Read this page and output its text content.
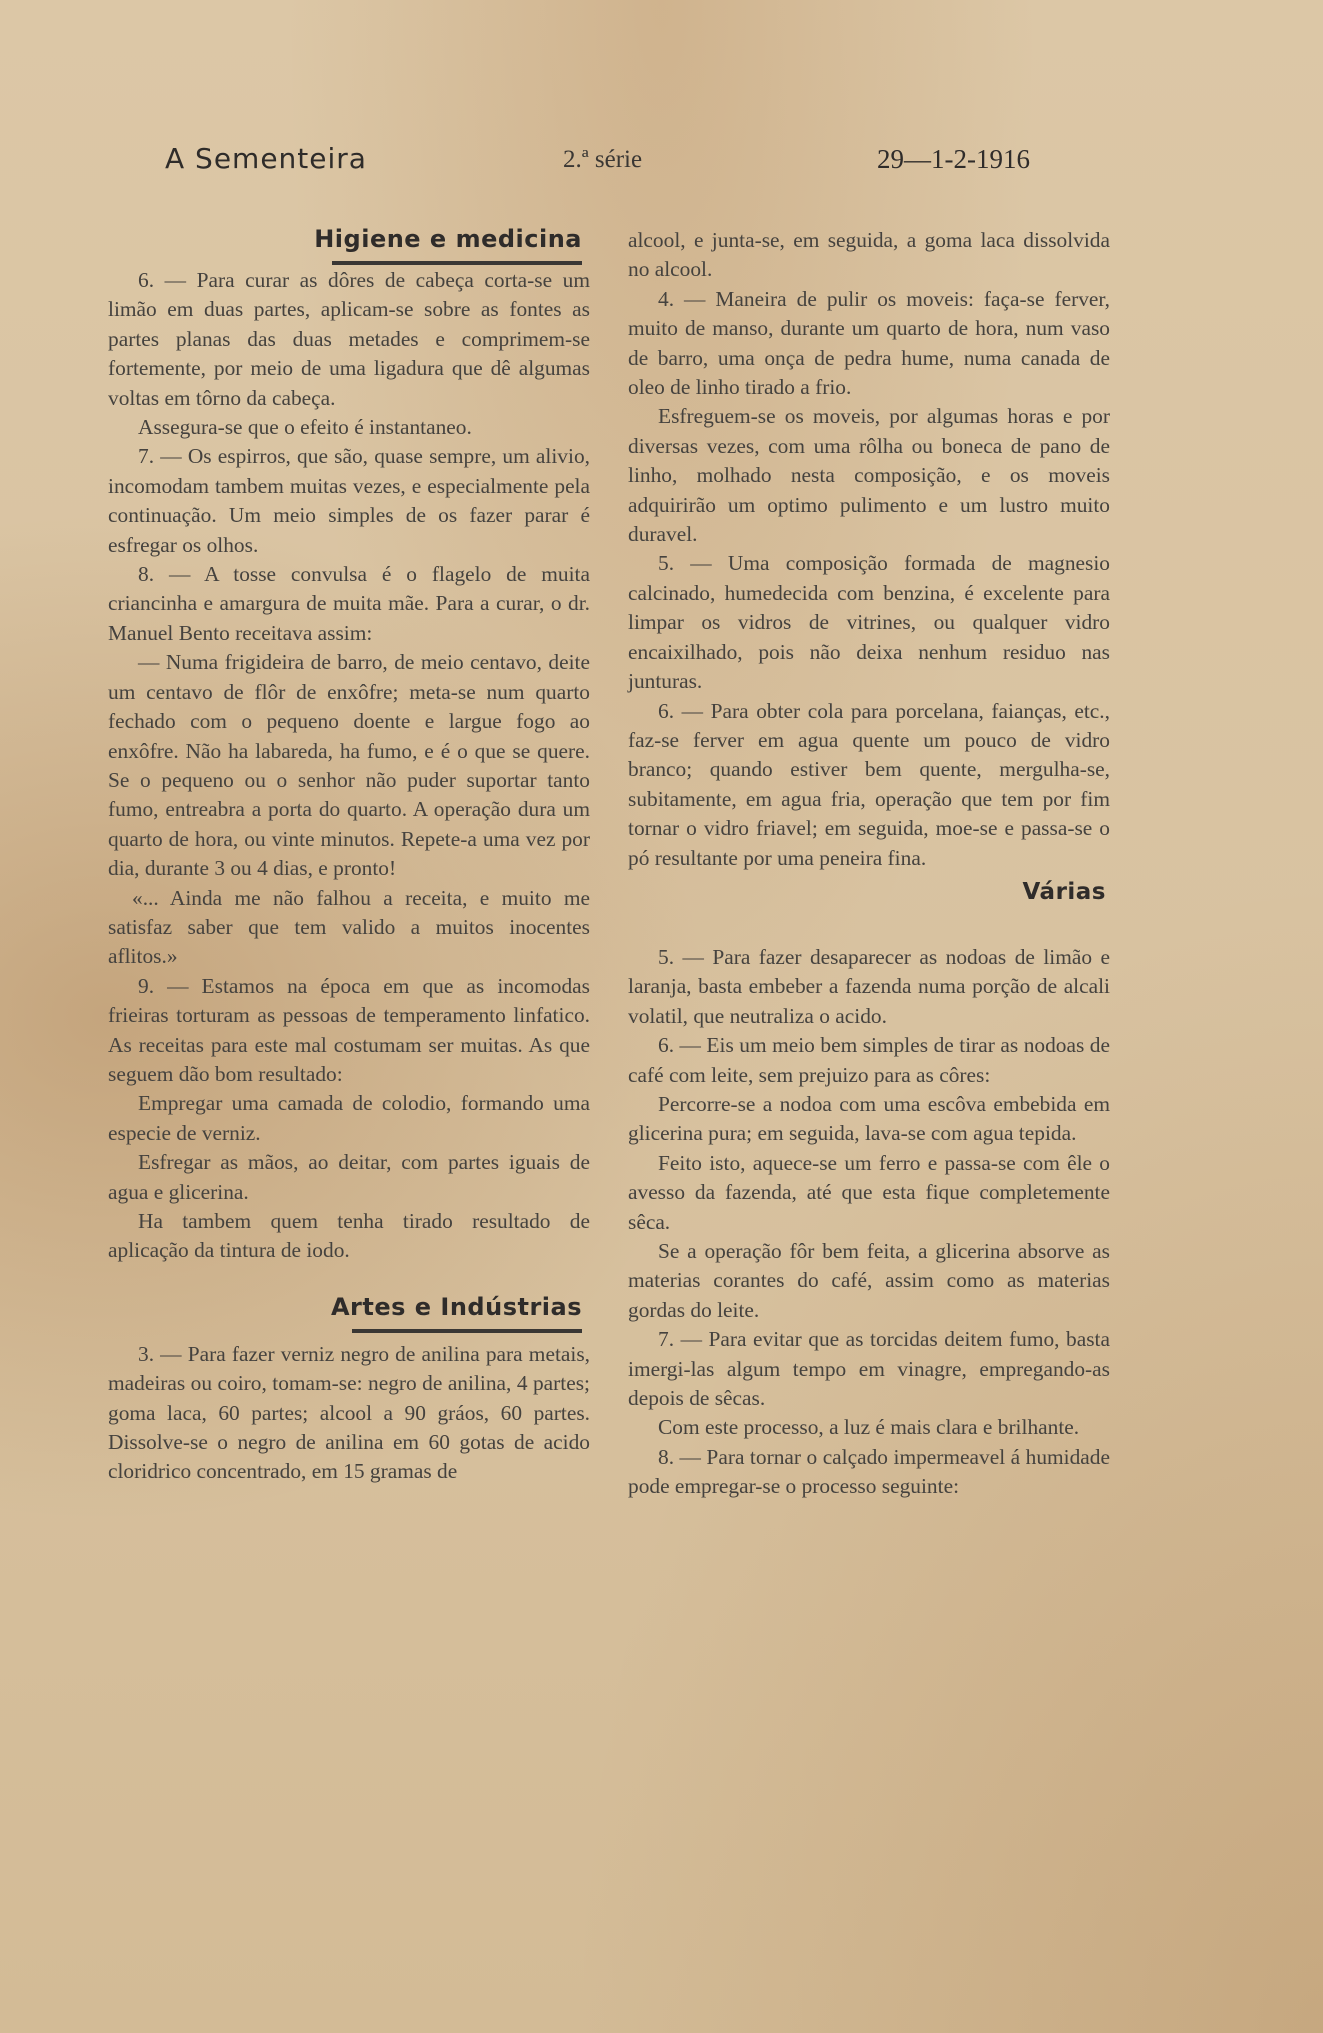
A Sementeira	2.ª série	29—1-2-1916
Higiene e medicina

6. — Para curar as dôres de cabeça corta-se um limão em duas partes, aplicam-se sobre as fontes as partes planas das duas metades e comprimem-se fortemente, por meio de uma ligadura que dê algumas voltas em tôrno da cabeça.

Assegura-se que o efeito é instantaneo.

7. — Os espirros, que são, quase sempre, um alivio, incomodam tambem muitas vezes, e especialmente pela continuação. Um meio simples de os fazer parar é esfregar os olhos.

8. — A tosse convulsa é o flagelo de muita criancinha e amargura de muita mãe. Para a curar, o dr. Manuel Bento receitava assim:

— Numa frigideira de barro, de meio centavo, deite um centavo de flôr de enxôfre; meta-se num quarto fechado com o pequeno doente e largue fogo ao enxôfre. Não ha labareda, ha fumo, e é o que se quere. Se o pequeno ou o senhor não puder suportar tanto fumo, entreabra a porta do quarto. A operação dura um quarto de hora, ou vinte minutos. Repete-a uma vez por dia, durante 3 ou 4 dias, e pronto!

«... Ainda me não falhou a receita, e muito me satisfaz saber que tem valido a muitos inocentes aflitos.»

9. — Estamos na época em que as incomodas frieiras torturam as pessoas de temperamento linfatico. As receitas para este mal costumam ser muitas. As que seguem dão bom resultado:

Empregar uma camada de colodio, formando uma especie de verniz.

Esfregar as mãos, ao deitar, com partes iguais de agua e glicerina.

Ha tambem quem tenha tirado resultado de aplicação da tintura de iodo.

Artes e Indústrias

3. — Para fazer verniz negro de anilina para metais, madeiras ou coiro, tomam-se: negro de anilina, 4 partes; goma laca, 60 partes; alcool a 90 gráos, 60 partes. Dissolve-se o negro de anilina em 60 gotas de acido cloridrico concentrado, em 15 gramas de

alcool, e junta-se, em seguida, a goma laca dissolvida no alcool.

4. — Maneira de pulir os moveis: faça-se ferver, muito de manso, durante um quarto de hora, num vaso de barro, uma onça de pedra hume, numa canada de oleo de linho tirado a frio.

Esfreguem-se os moveis, por algumas horas e por diversas vezes, com uma rôlha ou boneca de pano de linho, molhado nesta composição, e os moveis adquirirão um optimo pulimento e um lustro muito duravel.

5. — Uma composição formada de magnesio calcinado, humedecida com benzina, é excelente para limpar os vidros de vitrines, ou qualquer vidro encaixilhado, pois não deixa nenhum residuo nas junturas.

6. — Para obter cola para porcelana, faianças, etc., faz-se ferver em agua quente um pouco de vidro branco; quando estiver bem quente, mergulha-se, subitamente, em agua fria, operação que tem por fim tornar o vidro friavel; em seguida, moe-se e passa-se o pó resultante por uma peneira fina.

Várias

5. — Para fazer desaparecer as nodoas de limão e laranja, basta embeber a fazenda numa porção de alcali volatil, que neutraliza o acido.

6. — Eis um meio bem simples de tirar as nodoas de café com leite, sem prejuizo para as côres:

Percorre-se a nodoa com uma escôva embebida em glicerina pura; em seguida, lava-se com agua tepida.

Feito isto, aquece-se um ferro e passa-se com êle o avesso da fazenda, até que esta fique completemente sêca.

Se a operação fôr bem feita, a glicerina absorve as materias corantes do café, assim como as materias gordas do leite.

7. — Para evitar que as torcidas deitem fumo, basta imergi-las algum tempo em vinagre, empregando-as depois de sêcas.

Com este processo, a luz é mais clara e brilhante.

8. — Para tornar o calçado impermeavel á humidade pode empregar-se o processo seguinte:
